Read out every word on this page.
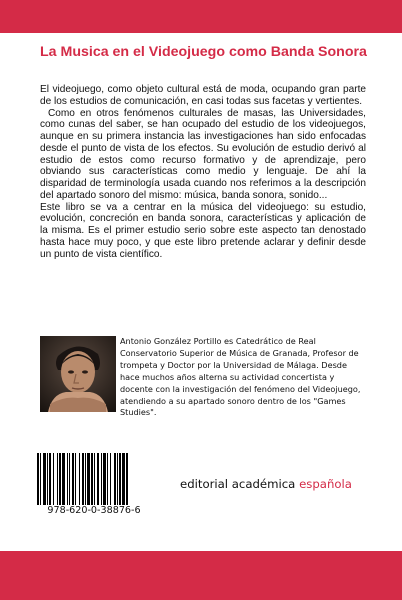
La Musica en el Videojuego como Banda Sonora

El videojuego, como objeto cultural está de moda, ocupando gran parte de los estudios de comunicación, en casi todas sus facetas y vertientes.

Como en otros fenómenos culturales de masas, las Universidades, como cunas del saber, se han ocupado del estudio de los videojuegos, aunque en su primera instancia las investigaciones han sido enfocadas desde el punto de vista de los efectos. Su evolución de estudio derivó al estudio de estos como recurso formativo y de aprendizaje, pero obviando sus características como medio y lenguaje. De ahí la disparidad de terminología usada cuando nos referimos a la descripción del apartado sonoro del mismo: música, banda sonora, sonido...

Este libro se va a centrar en la música del videojuego: su estudio, evolución, concreción en banda sonora, características y aplicación de la misma. Es el primer estudio serio sobre este aspecto tan denostado hasta hace muy poco, y que este libro pretende aclarar y definir desde un punto de vista científico.

Antonio González Portillo es Catedrático de Real Conservatorio Superior de Música de Granada, Profesor de trompeta y Doctor por la Universidad de Málaga. Desde hace muchos años alterna su actividad concertista y docente con la investigación del fenómeno del Videojuego, atendiendo a su apartado sonoro dentro de los "Games Studies".

978-620-0-38876-6
editorial académica española
